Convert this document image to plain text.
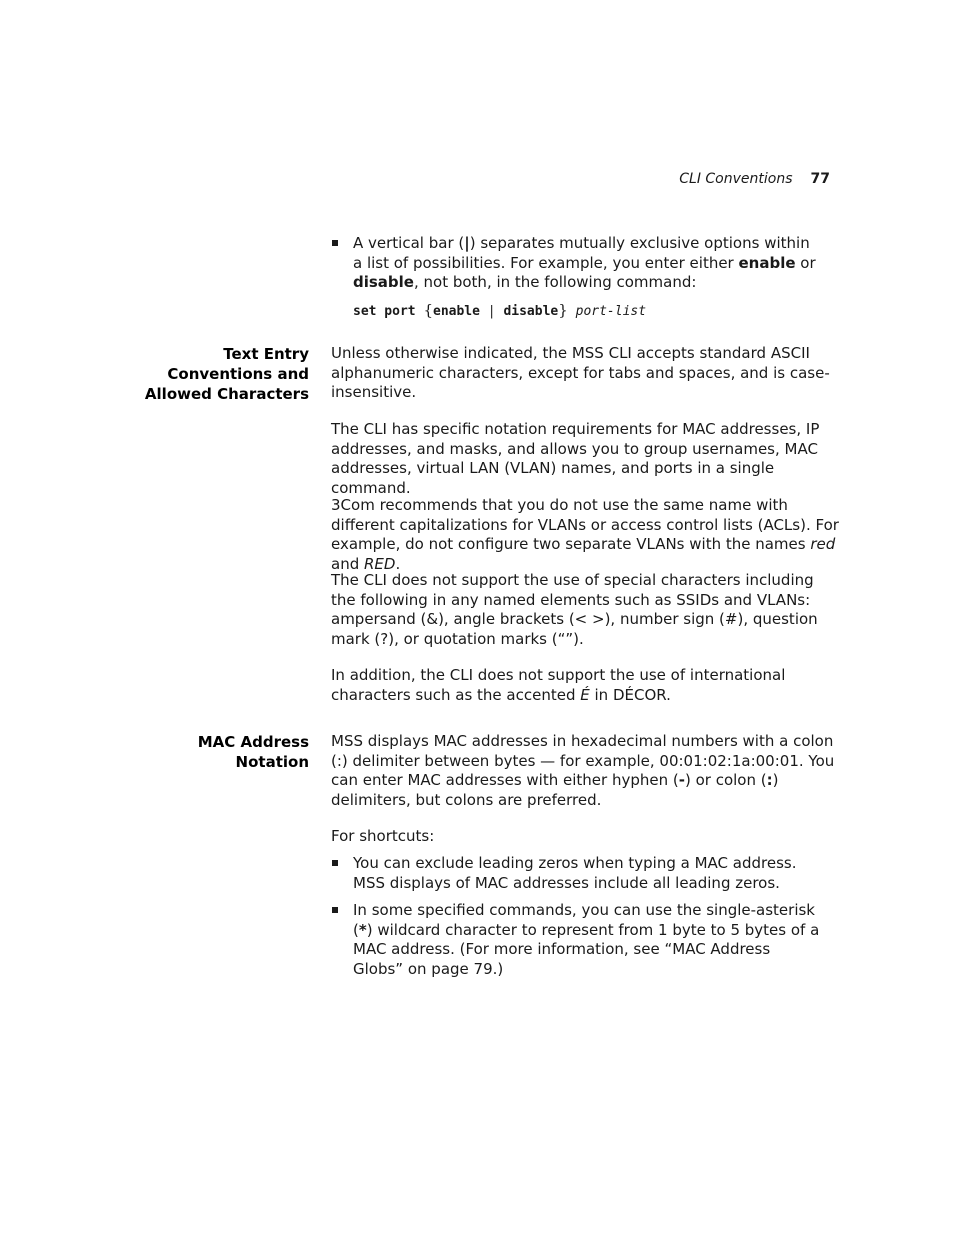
CLI Conventions 77
A vertical bar (|) separates mutually exclusive options within a list of possibilities. For example, you enter either enable or disable, not both, in the following command:
set port {enable | disable} port-list
Text Entry
Conventions and
Allowed Characters

Unless otherwise indicated, the MSS CLI accepts standard ASCII alphanumeric characters, except for tabs and spaces, and is case-insensitive.

The CLI has specific notation requirements for MAC addresses, IP addresses, and masks, and allows you to group usernames, MAC addresses, virtual LAN (VLAN) names, and ports in a single command.

3Com recommends that you do not use the same name with different capitalizations for VLANs or access control lists (ACLs). For example, do not configure two separate VLANs with the names red and RED.

The CLI does not support the use of special characters including the following in any named elements such as SSIDs and VLANs: ampersand (&), angle brackets (< >), number sign (#), question mark (?), or quotation marks (“”).

In addition, the CLI does not support the use of international characters such as the accented É in DÉCOR.

MAC Address
Notation

MSS displays MAC addresses in hexadecimal numbers with a colon (:) delimiter between bytes — for example, 00:01:02:1a:00:01. You can enter MAC addresses with either hyphen (-) or colon (:) delimiters, but colons are preferred.

For shortcuts:

You can exclude leading zeros when typing a MAC address. MSS displays of MAC addresses include all leading zeros.
In some specified commands, you can use the single-asterisk (*) wildcard character to represent from 1 byte to 5 bytes of a MAC address. (For more information, see “MAC Address Globs” on page 79.)
